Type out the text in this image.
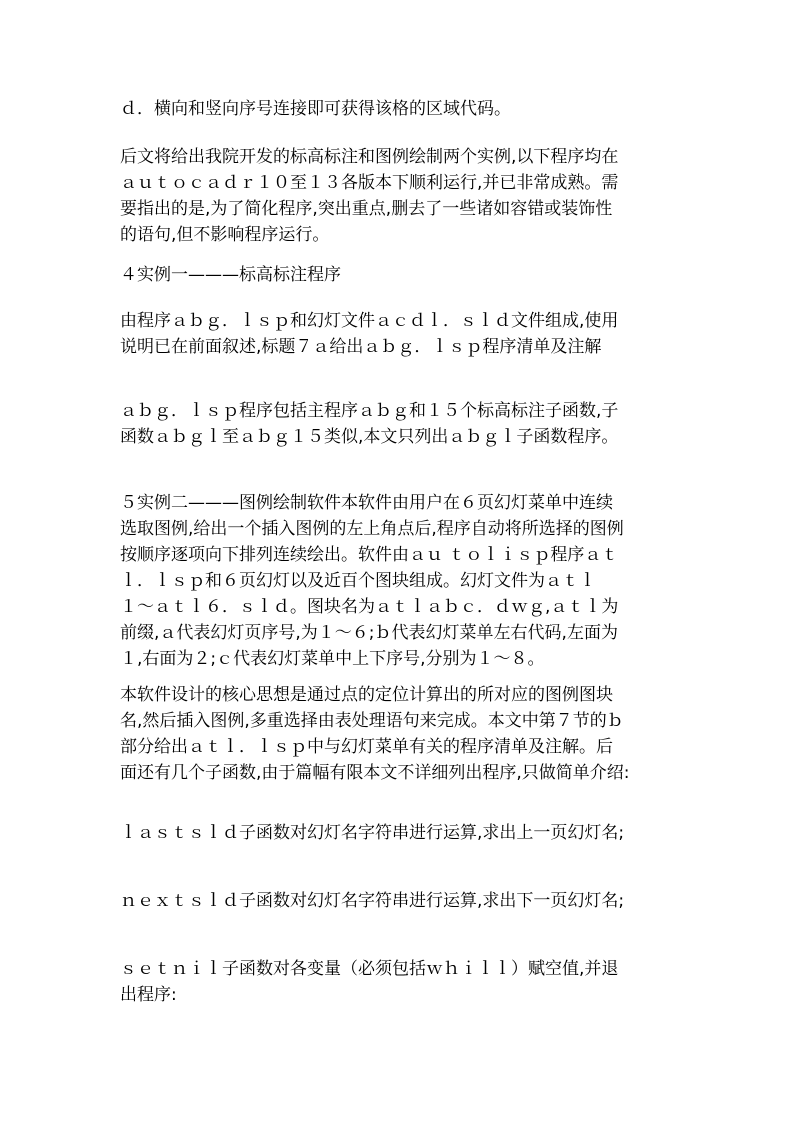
ｄ．横向和竖向序号连接即可获得该格的区域代码。

后文将给出我院开发的标高标注和图例绘制两个实例,以下程序均在
ａｕｔｏｃａｄｒ１０至１３各版本下顺利运行,并已非常成熟。需
要指出的是,为了简化程序,突出重点,删去了一些诸如容错或装饰性
的语句,但不影响程序运行。

４实例一———标高标注程序

由程序ａｂｇ．ｌｓｐ和幻灯文件ａｃｄｌ．ｓｌｄ文件组成,使用
说明已在前面叙述,标题７ａ给出ａｂｇ．ｌｓｐ程序清单及注解

ａｂｇ．ｌｓｐ程序包括主程序ａｂｇ和１５个标高标注子函数,子
函数ａｂｇｌ至ａｂｇ１５类似,本文只列出ａｂｇｌ子函数程序。

５实例二———图例绘制软件本软件由用户在６页幻灯菜单中连续
选取图例,给出一个插入图例的左上角点后,程序自动将所选择的图例
按顺序逐项向下排列连续绘出。软件由ａｕ ｔｏｌｉｓｐ程序ａｔ
ｌ．ｌｓｐ和６页幻灯以及近百个图块组成。幻灯文件为ａｔｌ
１～ａｔｌ６．ｓｌｄ。图块名为ａｔｌａｂｃ．ｄｗｇ,ａｔｌ为
前缀,ａ代表幻灯页序号,为１～６;ｂ代表幻灯菜单左右代码,左面为
１,右面为２;ｃ代表幻灯菜单中上下序号,分别为１～８。

本软件设计的核心思想是通过点的定位计算出的所对应的图例图块
名,然后插入图例,多重选择由表处理语句来完成。本文中第７节的ｂ
部分给出ａｔｌ．ｌｓｐ中与幻灯菜单有关的程序清单及注解。后
面还有几个子函数,由于篇幅有限本文不详细列出程序,只做简单介绍:

ｌａｓｔｓｌｄ子函数对幻灯名字符串进行运算,求出上一页幻灯名;

ｎｅｘｔｓｌｄ子函数对幻灯名字符串进行运算,求出下一页幻灯名;

ｓｅｔｎｉｌ子函数对各变量（必须包括ｗｈｉｌｌ）赋空值,并退
出程序:
